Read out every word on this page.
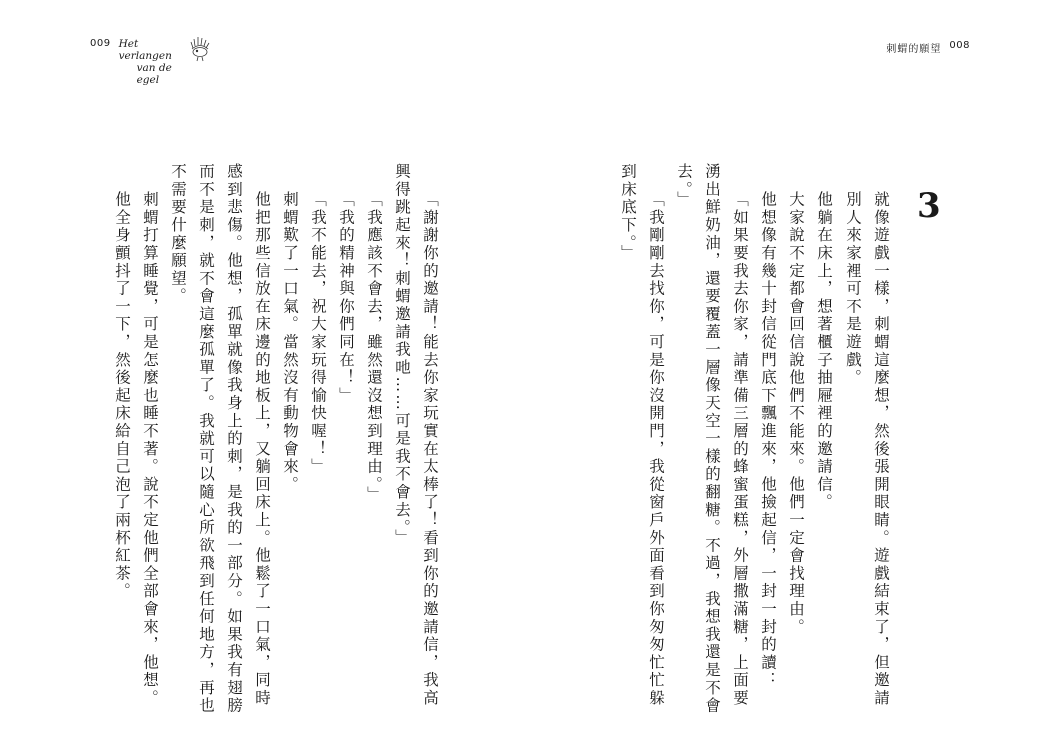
009 Het verlangen
van de egel
刺蝟的願望 008
3
就像遊戲一樣，刺蝟這麼想，然後張開眼睛。遊戲結束了，但邀請
別人來家裡可不是遊戲。
他躺在床上，想著櫃子抽屜裡的邀請信。
大家說不定都會回信說他們不能來。他們一定會找理由。
他想像有幾十封信從門底下飄進來，他撿起信，一封一封的讀：
「如果要我去你家，請準備三層的蜂蜜蛋糕，外層撒滿糖，上面要
湧出鮮奶油，還要覆蓋一層像天空一樣的翻糖。不過，我想我還是不會
去。」
「我剛剛去找你，可是你沒開門，我從窗戶外面看到你匆匆忙忙躲
到床底下。」
「謝謝你的邀請！能去你家玩實在太棒了！看到你的邀請信，我高
興得跳起來！刺蝟邀請我吔……可是我不會去。」
「我應該不會去，雖然還沒想到理由。」
「我的精神與你們同在！」
「我不能去，祝大家玩得愉快喔！」
刺蝟歎了一口氣。當然沒有動物會來。
他把那些信放在床邊的地板上，又躺回床上。他鬆了一口氣，同時
感到悲傷。他想，孤單就像我身上的刺，是我的一部分。如果我有翅膀
而不是刺，就不會這麼孤單了。我就可以隨心所欲飛到任何地方，再也
不需要什麼願望。
刺蝟打算睡覺，可是怎麼也睡不著。說不定他們全部會來，他想。
他全身顫抖了一下，然後起床給自己泡了兩杯紅茶。
